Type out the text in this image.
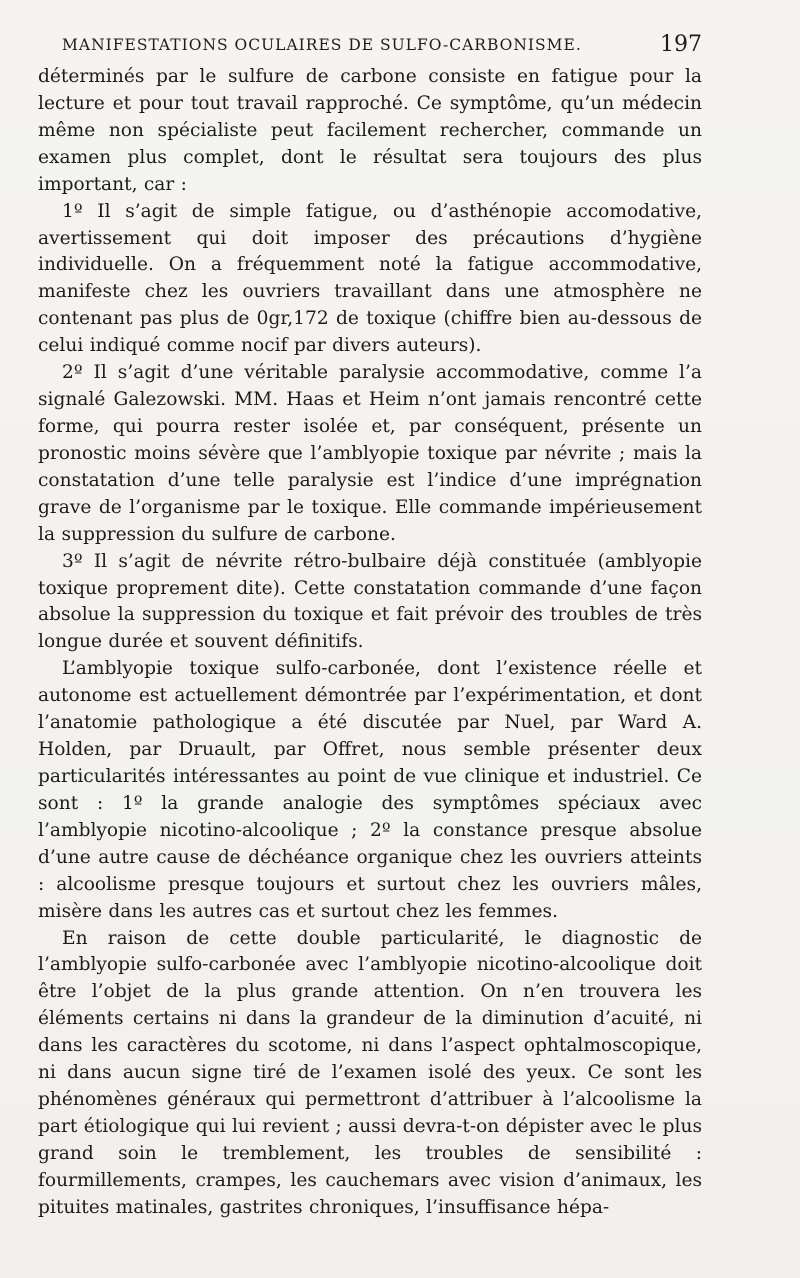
MANIFESTATIONS OCULAIRES DE SULFO-CARBONISME.	197

déterminés par le sulfure de carbone consiste en fatigue pour la lecture et pour tout travail rapproché. Ce symptôme, qu’un médecin même non spécialiste peut facilement rechercher, commande un examen plus complet, dont le résultat sera toujours des plus important, car :

1º Il s’agit de simple fatigue, ou d’asthénopie accomodative, avertissement qui doit imposer des précautions d’hygiène individuelle. On a fréquemment noté la fatigue accommodative, manifeste chez les ouvriers travaillant dans une atmosphère ne contenant pas plus de 0gr,172 de toxique (chiffre bien au-dessous de celui indiqué comme nocif par divers auteurs).

2º Il s’agit d’une véritable paralysie accommodative, comme l’a signalé Galezowski. MM. Haas et Heim n’ont jamais rencontré cette forme, qui pourra rester isolée et, par conséquent, présente un pronostic moins sévère que l’amblyopie toxique par névrite ; mais la constatation d’une telle paralysie est l’indice d’une imprégnation grave de l’organisme par le toxique. Elle commande impérieusement la suppression du sulfure de carbone.

3º Il s’agit de névrite rétro-bulbaire déjà constituée (amblyopie toxique proprement dite). Cette constatation commande d’une façon absolue la suppression du toxique et fait prévoir des troubles de très longue durée et souvent définitifs.

L’amblyopie toxique sulfo-carbonée, dont l’existence réelle et autonome est actuellement démontrée par l’expérimentation, et dont l’anatomie pathologique a été discutée par Nuel, par Ward A. Holden, par Druault, par Offret, nous semble présenter deux particularités intéressantes au point de vue clinique et industriel. Ce sont : 1º la grande analogie des symptômes spéciaux avec l’amblyopie nicotino-alcoolique ; 2º la constance presque absolue d’une autre cause de déchéance organique chez les ouvriers atteints : alcoolisme presque toujours et surtout chez les ouvriers mâles, misère dans les autres cas et surtout chez les femmes.

En raison de cette double particularité, le diagnostic de l’amblyopie sulfo-carbonée avec l’amblyopie nicotino-alcoolique doit être l’objet de la plus grande attention. On n’en trouvera les éléments certains ni dans la grandeur de la diminution d’acuité, ni dans les caractères du scotome, ni dans l’aspect ophtalmoscopique, ni dans aucun signe tiré de l’examen isolé des yeux. Ce sont les phénomènes généraux qui permettront d’attribuer à l’alcoolisme la part étiologique qui lui revient ; aussi devra-t-on dépister avec le plus grand soin le tremblement, les troubles de sensibilité : fourmillements, crampes, les cauchemars avec vision d’animaux, les pituites matinales, gastrites chroniques, l’insuffisance hépa-
